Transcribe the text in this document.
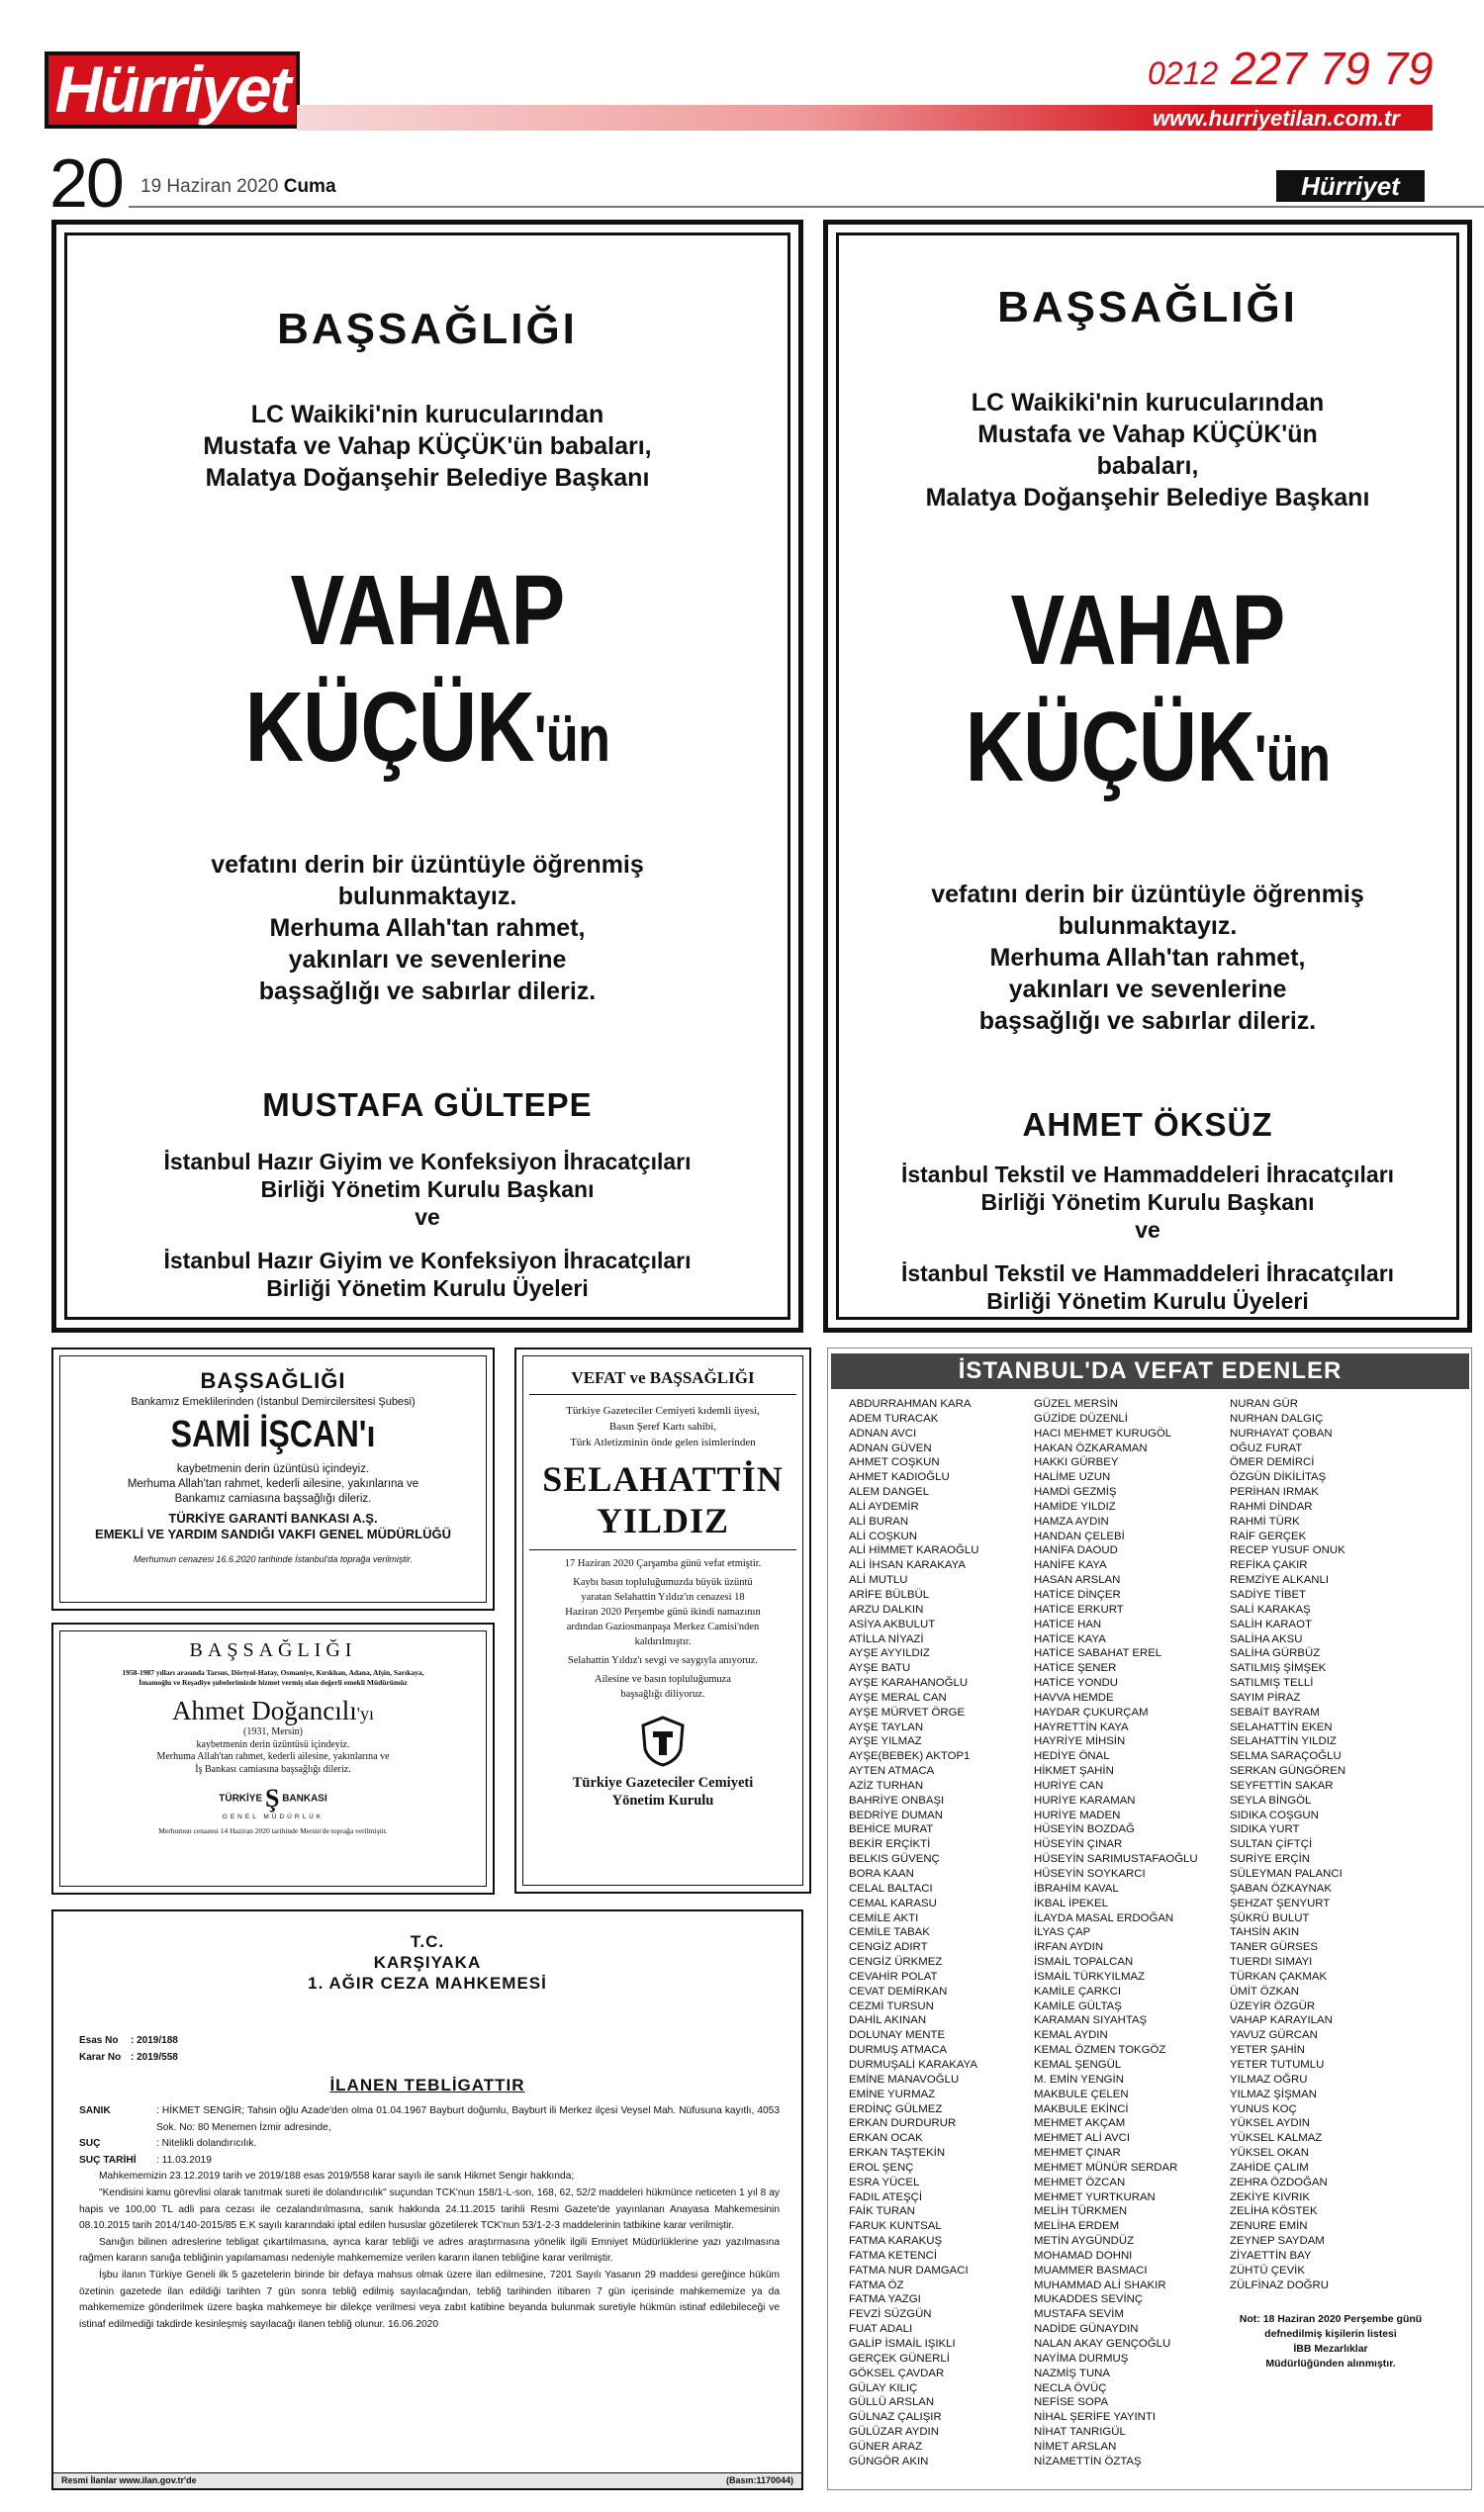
Hürriyet	0212 227 79 79
www.hurriyetilan.com.tr
20 19 Haziran 2020 Cuma	Hürriyet
BAŞSAĞLIĞI
LC Waikiki'nin kurucularından
Mustafa ve Vahap KÜÇÜK'ün babaları,
Malatya Doğanşehir Belediye Başkanı
VAHAP
KÜÇÜK'ün
vefatını derin bir üzüntüyle öğrenmiş
bulunmaktayız.
Merhuma Allah'tan rahmet,
yakınları ve sevenlerine
başsağlığı ve sabırlar dileriz.
MUSTAFA GÜLTEPE
İstanbul Hazır Giyim ve Konfeksiyon İhracatçıları
Birliği Yönetim Kurulu Başkanı
ve
İstanbul Hazır Giyim ve Konfeksiyon İhracatçıları
Birliği Yönetim Kurulu Üyeleri
BAŞSAĞLIĞI
LC Waikiki'nin kurucularından
Mustafa ve Vahap KÜÇÜK'ün
babaları,
Malatya Doğanşehir Belediye Başkanı
VAHAP
KÜÇÜK'ün
vefatını derin bir üzüntüyle öğrenmiş
bulunmaktayız.
Merhuma Allah'tan rahmet,
yakınları ve sevenlerine
başsağlığı ve sabırlar dileriz.
AHMET ÖKSÜZ
İstanbul Tekstil ve Hammaddeleri İhracatçıları
Birliği Yönetim Kurulu Başkanı
ve
İstanbul Tekstil ve Hammaddeleri İhracatçıları
Birliği Yönetim Kurulu Üyeleri
BAŞSAĞLIĞI
Bankamız Emeklilerinden (İstanbul Demircilersitesi Şubesi)
SAMİ İŞCAN'ı
kaybetmenin derin üzüntüsü içindeyiz.
Merhuma Allah'tan rahmet, kederli ailesine, yakınlarına ve
Bankamız camiasına başsağlığı dileriz.
TÜRKİYE GARANTİ BANKASI A.Ş.
EMEKLİ VE YARDIM SANDIĞI VAKFI GENEL MÜDÜRLÜĞÜ
Merhumun cenazesi 16.6.2020 tarihinde İstanbul'da toprağa verilmiştir.
BAŞSAĞLIĞI
1958-1987 yılları arasında Tarsus, Dörtyol-Hatay, Osmaniye, Kırıkhan, Adana, Afşin, Sarıkaya,
İmamoğlu ve Reşadiye şubelerimizde hizmet vermiş olan değerli emekli Müdürümüz
Ahmet Doğancılı'yı
(1931, Mersin)
kaybetmenin derin üzüntüsü içindeyiz.
Merhuma Allah'tan rahmet, kederli ailesine, yakınlarına ve
İş Bankası camiasına başsağlığı dileriz.
TÜRKİYE Ş BANKASI
GENEL MÜDÜRLÜK
Merhumun cenazesi 14 Haziran 2020 tarihinde Mersin'de toprağa verilmiştir.
VEFAT ve BAŞSAĞLIĞI
Türkiye Gazeteciler Cemiyeti kıdemli üyesi,
Basın Şeref Kartı sahibi,
Türk Atletizminin önde gelen isimlerinden
SELAHATTİN
YILDIZ
17 Haziran 2020 Çarşamba günü vefat etmiştir.
Kaybı basın topluluğumuzda büyük üzüntü
yaratan Selahattin Yıldız'ın cenazesi 18
Haziran 2020 Perşembe günü ikindi namazının
ardından Gaziosmanpaşa Merkez Camisi'nden
kaldırılmıştır.
Selahattin Yıldız'ı sevgi ve saygıyla anıyoruz.
Ailesine ve basın topluluğumuza
başsağlığı diliyoruz.
Türkiye Gazeteciler Cemiyeti
Yönetim Kurulu
T.C.
KARŞIYAKA
1. AĞIR CEZA MAHKEMESİ
Esas No : 2019/188
Karar No : 2019/558
İLANEN TEBLİGATTIR
SANIK	: HİKMET SENGİR; Tahsin oğlu Azade'den olma 01.04.1967 Bayburt doğumlu, Bayburt ili Merkez ilçesi Veysel Mah. Nüfusuna kayıtlı, 4053 Sok. No: 80 Menemen İzmir adresinde,
SUÇ	: Nitelikli dolandırıcılık.
SUÇ TARİHİ	: 11.03.2019
Mahkememizin 23.12.2019 tarih ve 2019/188 esas 2019/558 karar sayılı ile sanık Hikmet Sengir hakkında;
"Kendisini kamu görevlisi olarak tanıtmak sureti ile dolandırıcılık" suçundan TCK'nun 158/1-L-son, 168, 62, 52/2 maddeleri hükmünce neticeten 1 yıl 8 ay hapis ve 100,00 TL adli para cezası ile cezalandırılmasına, sanık hakkında 24.11.2015 tarihli Resmi Gazete'de yayınlanan Anayasa Mahkemesinin 08.10.2015 tarih 2014/140-2015/85 E.K sayılı kararındaki iptal edilen hususlar gözetilerek TCK'nun 53/1-2-3 maddelerinin tatbikine karar verilmiştir.
Sanığın bilinen adreslerine tebligat çıkartılmasına, ayrıca karar tebliği ve adres araştırmasına yönelik ilgili Emniyet Müdürlüklerine yazı yazılmasına rağmen kararın sanığa tebliğinin yapılamaması nedeniyle mahkememize verilen kararın ilanen tebliğine karar verilmiştir.
İşbu ilanın Türkiye Geneli ilk 5 gazetelerin birinde bir defaya mahsus olmak üzere ilan edilmesine, 7201 Sayılı Yasanın 29 maddesi gereğince hüküm özetinin gazetede ilan edildiği tarihten 7 gün sonra tebliğ edilmiş sayılacağından, tebliğ tarihinden itibaren 7 gün içerisinde mahkememize ya da mahkememize gönderilmek üzere başka mahkemeye bir dilekçe verilmesi veya zabıt katibine beyanda bulunmak suretiyle hükmün istinaf edilebileceği ve istinaf edilmediği takdirde kesinleşmiş sayılacağı ilanen tebliğ olunur. 16.06.2020
Resmi İlanlar www.ilan.gov.tr'de	(Basın:1170044)
İSTANBUL'DA VEFAT EDENLER
ABDURRAHMAN KARA
ADEM TURACAK
ADNAN AVCI
ADNAN GÜVEN
AHMET COŞKUN
AHMET KADIOĞLU
ALEM DANGEL
ALİ AYDEMİR
ALİ BURAN
ALİ COŞKUN
ALİ HİMMET KARAOĞLU
ALİ İHSAN KARAKAYA
ALİ MUTLU
ARİFE BÜLBÜL
ARZU DALKIN
ASİYA AKBULUT
ATİLLA NİYAZİ
AYŞE AYYILDIZ
AYŞE BATU
AYŞE KARAHANOĞLU
AYŞE MERAL CAN
AYŞE MÜRVET ÖRGE
AYŞE TAYLAN
AYŞE YILMAZ
AYŞE(BEBEK) AKTOP1
AYTEN ATMACA
AZİZ TURHAN
BAHRİYE ONBAŞI
BEDRİYE DUMAN
BEHİCE MURAT
BEKİR ERÇİKTİ
BELKIS GÜVENÇ
BORA KAAN
CELAL BALTACI
CEMAL KARASU
CEMİLE AKTI
CEMİLE TABAK
CENGİZ ADIRT
CENGİZ ÜRKMEZ
CEVAHİR POLAT
CEVAT DEMİRKAN
CEZMİ TURSUN
DAHİL AKINAN
DOLUNAY MENTE
DURMUŞ ATMACA
DURMUŞALİ KARAKAYA
EMİNE MANAVOĞLU
EMİNE YURMAZ
ERDİNÇ GÜLMEZ
ERKAN DURDURUR
ERKAN OCAK
ERKAN TAŞTEKİN
EROL ŞENÇ
ESRA YÜCEL
FADIL ATEŞÇİ
FAİK TURAN
FARUK KUNTSAL
FATMA KARAKUŞ
FATMA KETENCİ
FATMA NUR DAMGACI
FATMA ÖZ
FATMA YAZGI
FEVZİ SÜZGÜN
FUAT ADALI
GALİP İSMAİL IŞIKLI
GERÇEK GÜNERLİ
GÖKSEL ÇAVDAR
GÜLAY KILIÇ
GÜLLÜ ARSLAN
GÜLNAZ ÇALIŞIR
GÜLÜZAR AYDIN
GÜNER ARAZ
GÜNGÖR AKIN
GÜZEL MERSİN
GÜZİDE DÜZENLİ
HACI MEHMET KURUGÖL
HAKAN ÖZKARAMAN
HAKKI GÜRBEY
HALİME UZUN
HAMDİ GEZMİŞ
HAMİDE YILDIZ
HAMZA AYDIN
HANDAN ÇELEBİ
HANİFA DAOUD
HANİFE KAYA
HASAN ARSLAN
HATİCE DİNÇER
HATİCE ERKURT
HATİCE HAN
HATİCE KAYA
HATİCE SABAHAT EREL
HATİCE ŞENER
HATİCE YONDU
HAVVA HEMDE
HAYDAR ÇUKURÇAM
HAYRETTİN KAYA
HAYRİYE MİHSİN
HEDİYE ÖNAL
HİKMET ŞAHİN
HURİYE CAN
HURİYE KARAMAN
HURİYE MADEN
HÜSEYİN BOZDAĞ
HÜSEYİN ÇINAR
HÜSEYİN SARIMUSTAFAOĞLU
HÜSEYİN SOYKARCI
İBRAHİM KAVAL
İKBAL İPEKEL
İLAYDA MASAL ERDOĞAN
İLYAS ÇAP
İRFAN AYDIN
İSMAİL TOPALCAN
İSMAİL TÜRKYILMAZ
KAMİLE ÇARKCI
KAMİLE GÜLTAŞ
KARAMAN SIYAHTAŞ
KEMAL AYDIN
KEMAL ÖZMEN TOKGÖZ
KEMAL ŞENGÜL
M. EMİN YENGİN
MAKBULE ÇELEN
MAKBULE EKİNCİ
MEHMET AKÇAM
MEHMET ALİ AVCI
MEHMET ÇINAR
MEHMET MÜNÜR SERDAR
MEHMET ÖZCAN
MEHMET YURTKURAN
MELİH TÜRKMEN
MELİHA ERDEM
METİN AYGÜNDÜZ
MOHAMAD DOHNI
MUAMMER BASMACI
MUHAMMAD ALİ SHAKIR
MUKADDES SEVİNÇ
MUSTAFA SEVİM
NADİDE GÜNAYDIN
NALAN AKAY GENÇOĞLU
NAYİMA DURMUŞ
NAZMİŞ TUNA
NECLA ÖVÜÇ
NEFİSE SOPA
NİHAL ŞERİFE YAYINTI
NİHAT TANRIGÜL
NİMET ARSLAN
NİZAMETTİN ÖZTAŞ
NURAN GÜR
NURHAN DALGIÇ
NURHAYAT ÇOBAN
OĞUZ FURAT
ÖMER DEMİRCİ
ÖZGÜN DİKİLİTAŞ
PERİHAN IRMAK
RAHMİ DİNDAR
RAHMİ TÜRK
RAİF GERÇEK
RECEP YUSUF ONUK
REFİKA ÇAKIR
REMZİYE ALKANLI
SADİYE TİBET
SALİ KARAKAŞ
SALİH KARAOT
SALİHA AKSU
SALİHA GÜRBÜZ
SATILMIŞ ŞİMŞEK
SATILMIŞ TELLİ
SAYIM PİRAZ
SEBAİT BAYRAM
SELAHATTİN EKEN
SELAHATTİN YILDIZ
SELMA SARAÇOĞLU
SERKAN GÜNGÖREN
SEYFETTİN SAKAR
SEYLA BİNGÖL
SIDIKA COŞGUN
SIDIKA YURT
SULTAN ÇİFTÇİ
SURİYE ERÇİN
SÜLEYMAN PALANCI
ŞABAN ÖZKAYNAK
ŞEHZAT ŞENYURT
ŞÜKRÜ BULUT
TAHSİN AKIN
TANER GÜRSES
TUERDI SIMAYI
TÜRKAN ÇAKMAK
ÜMİT ÖZKAN
ÜZEYİR ÖZGÜR
VAHAP KARAYILAN
YAVUZ GÜRCAN
YETER ŞAHİN
YETER TUTUMLU
YILMAZ OĞRU
YILMAZ ŞİŞMAN
YUNUS KOÇ
YÜKSEL AYDIN
YÜKSEL KALMAZ
YÜKSEL OKAN
ZAHİDE ÇALIM
ZEHRA ÖZDOĞAN
ZEKİYE KIVRIK
ZELİHA KÖSTEK
ZENURE EMİN
ZEYNEP SAYDAM
ZİYAETTİN BAY
ZÜHTÜ ÇEVİK
ZÜLFİNAZ DOĞRU
Not: 18 Haziran 2020 Perşembe günü
defnedilmiş kişilerin listesi
İBB Mezarlıklar
Müdürlüğünden alınmıştır.
